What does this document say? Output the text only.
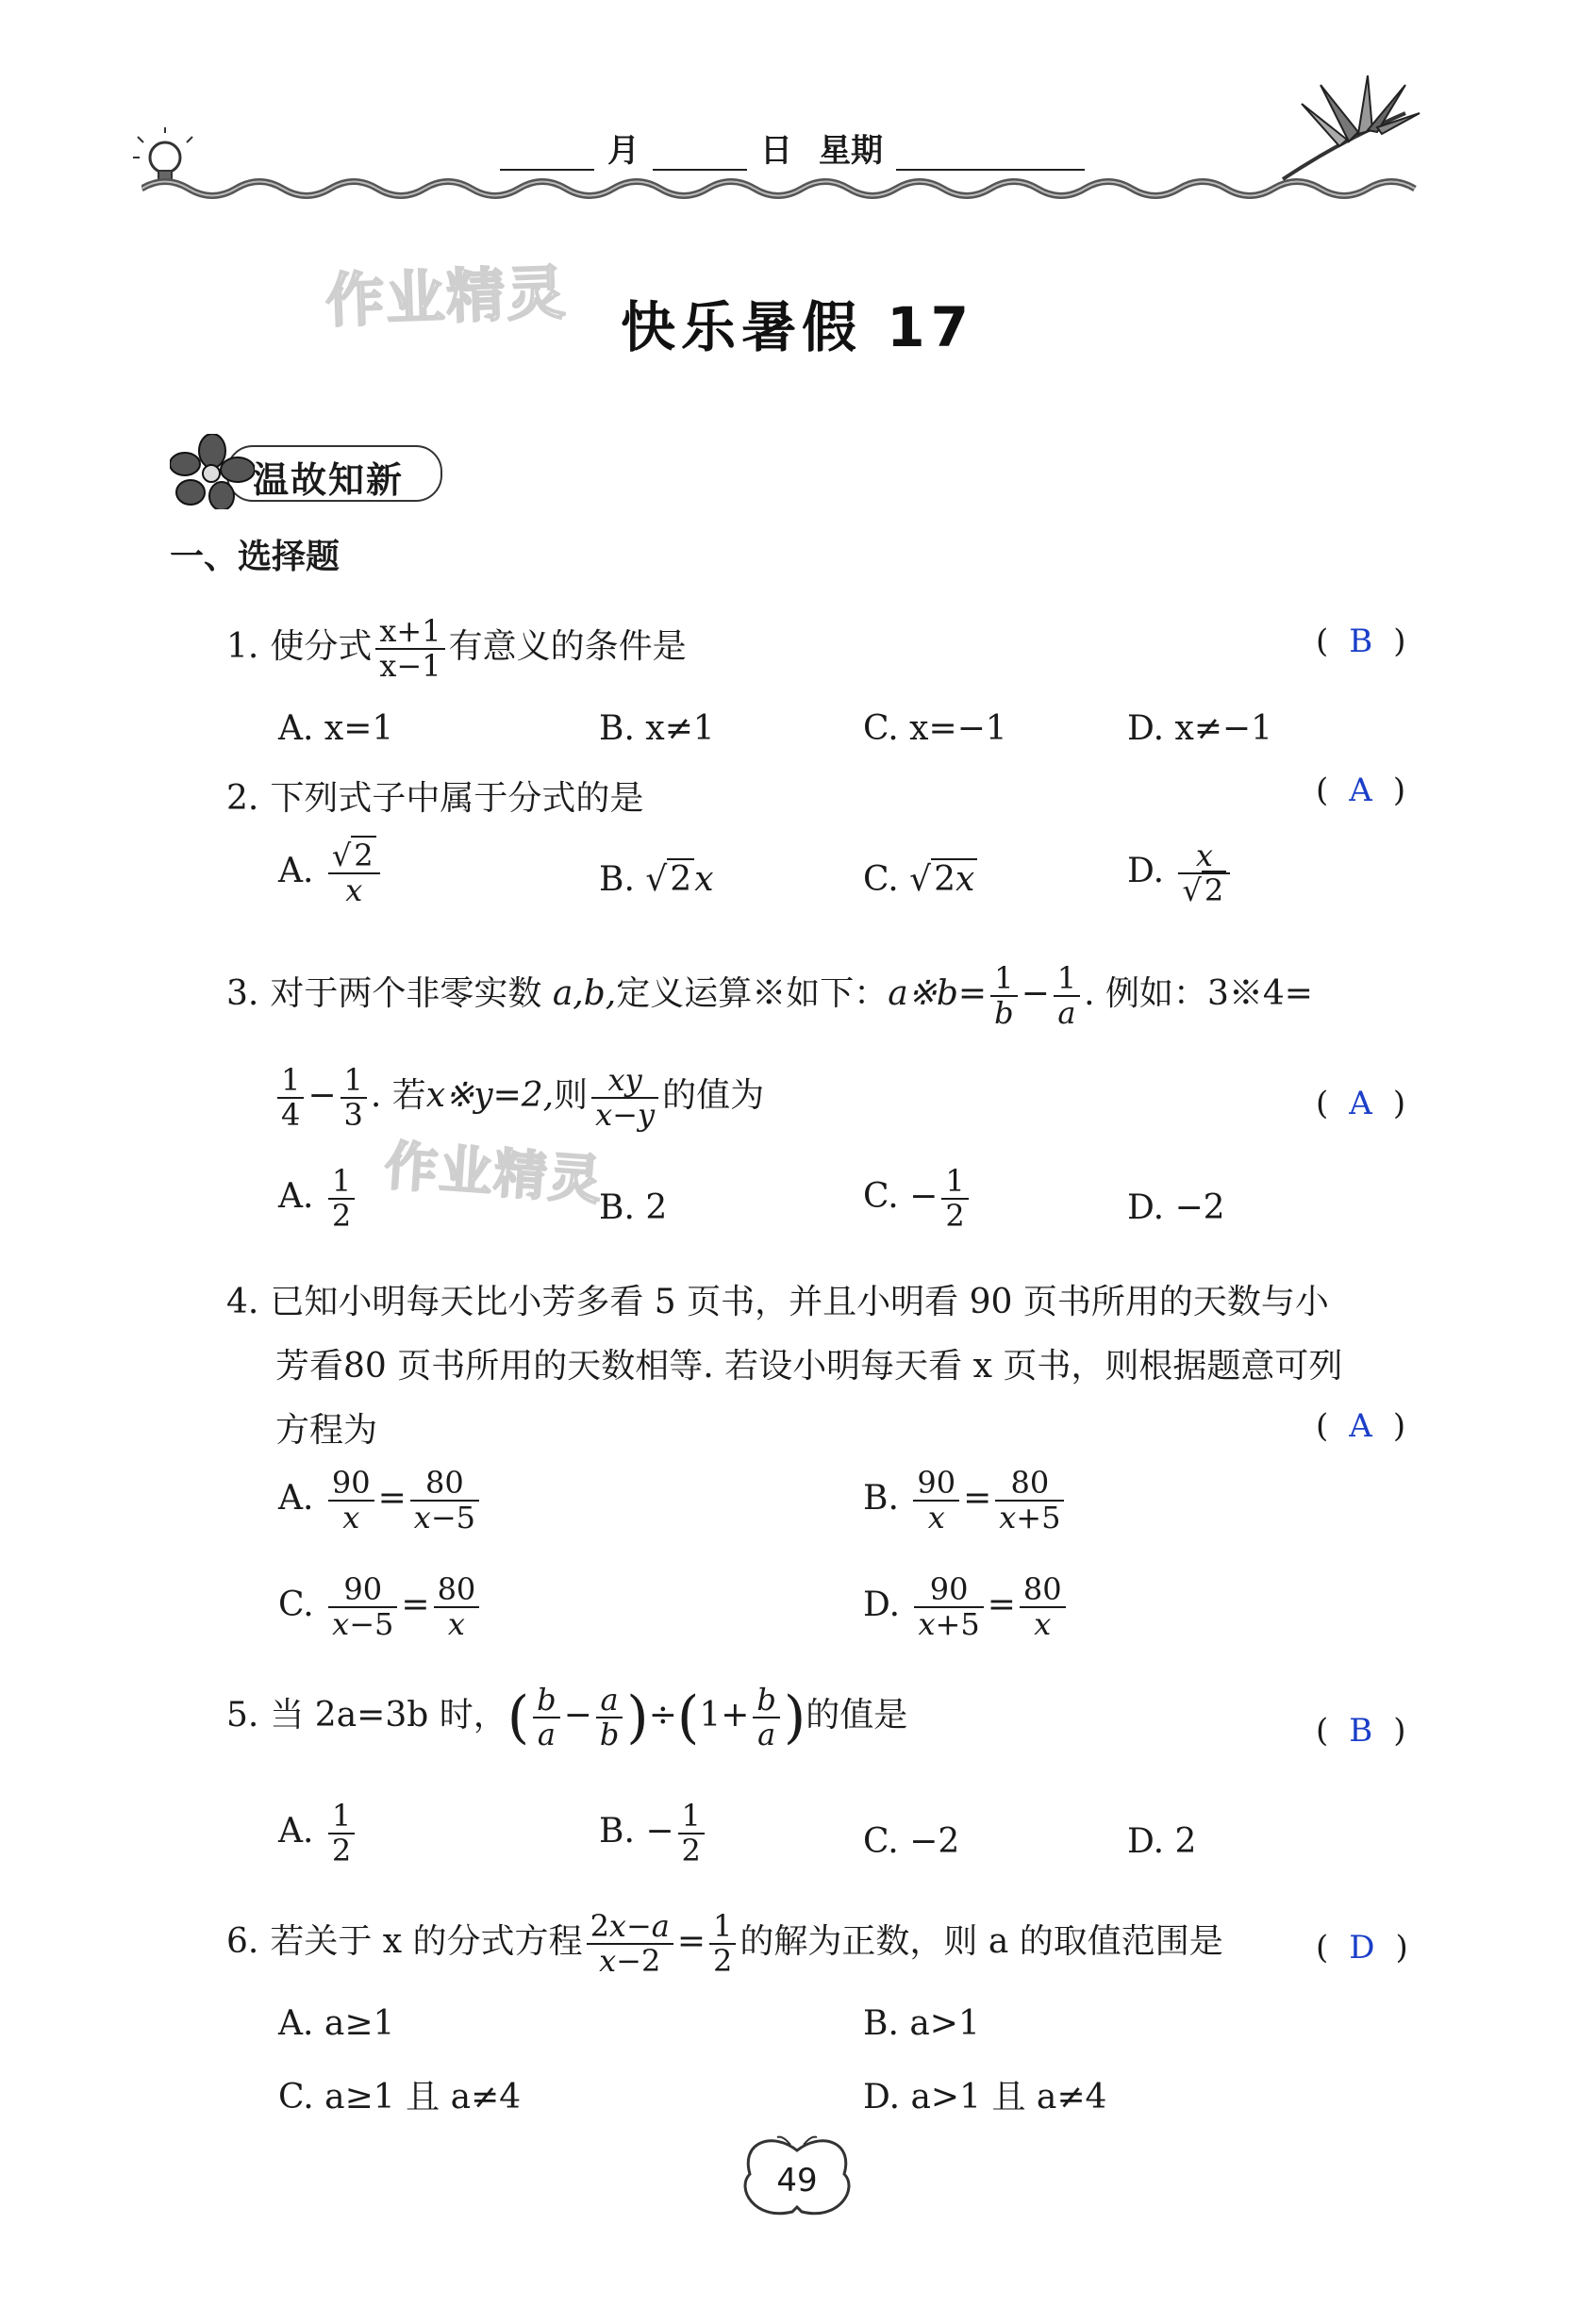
月	日 星期
作业精灵
作业精灵
快乐暑假 17
温故知新
一、选择题
1. 使分式 $\frac{x+1}{x-1}$ 有意义的条件是	( B )
A. x=1	B. x≠1	C. x=−1	D. x≠−1
2. 下列式子中属于分式的是	( A )
A. $\frac{√2}{x}$	B. √2x	C. √2x	D. $\frac{x}{√2}$
3. 对于两个非零实数 a,b,定义运算※如下：a※b= $\frac{1}{b} - \frac{1}{a}$ . 例如：3※4=
$\frac{1}{4} - \frac{1}{3}$ . 若x※y=2,则 $\frac{xy}{x-y}$ 的值为	( A )
A. $\frac{1}{2}$	B. 2	C. − $\frac{1}{2}$	D. −2
4. 已知小明每天比小芳多看 5 页书，并且小明看 90 页书所用的天数与小
芳看80 页书所用的天数相等. 若设小明每天看 x 页书，则根据题意可列
方程为	( A )
A. $\frac{90}{x} = \frac{80}{x-5}$	B. $\frac{90}{x} = \frac{80}{x+5}$
C. $\frac{90}{x-5} = \frac{80}{x}$	D. $\frac{90}{x+5} = \frac{80}{x}$
5. 当 2a=3b 时，( $\frac{b}{a} - \frac{a}{b} )\div(1+ \frac{b}{a}$ )的值是	( B )
A. $\frac{1}{2}$	B. − $\frac{1}{2}$	C. −2	D. 2
6. 若关于 x 的分式方程 $\frac{2x-a}{x-2} = \frac{1}{2}$ 的解为正数，则 a 的取值范围是	( D )
A. a≥1	B. a>1
C. a≥1 且 a≠4	D. a>1 且 a≠4
49
